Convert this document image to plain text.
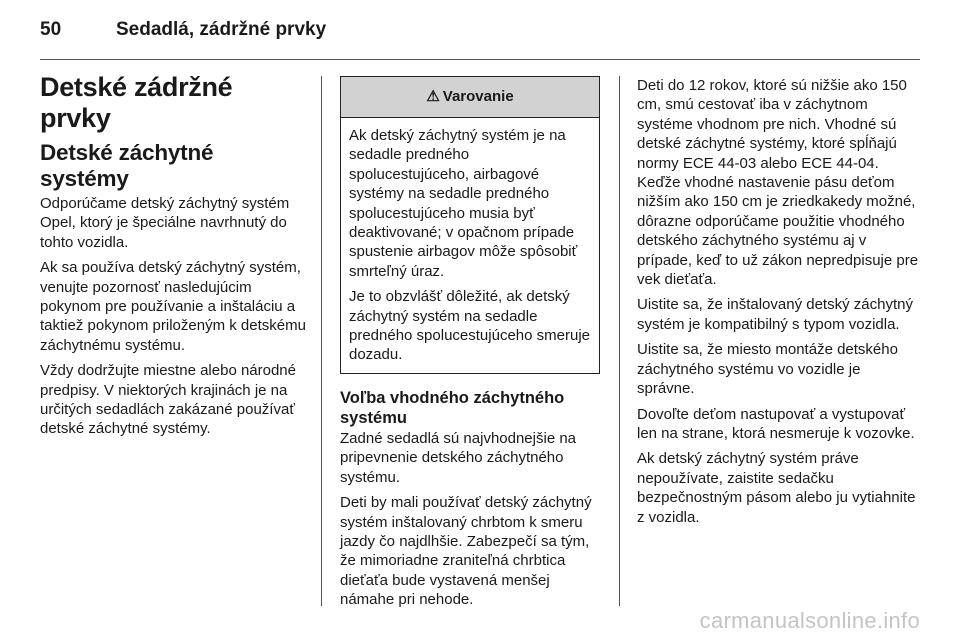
50	Sedadlá, zádržné prvky
Detské zádržné prvky
Detské záchytné systémy

Odporúčame detský záchytný systém Opel, ktorý je špeciálne navrhnutý do tohto vozidla.

Ak sa používa detský záchytný systém, venujte pozornosť nasledujúcim pokynom pre používanie a inštaláciu a taktiež pokynom priloženým k detskému záchytnému systému.

Vždy dodržujte miestne alebo národné predpisy. V niektorých krajinách je na určitých sedadlách zakázané používať detské záchytné systémy.

⚠ Varovanie

Ak detský záchytný systém je na sedadle predného spolucestujúceho, airbagové systémy na sedadle predného spolucestujúceho musia byť deaktivované; v opačnom prípade spustenie airbagov môže spôsobiť smrteľný úraz.

Je to obzvlášť dôležité, ak detský záchytný systém na sedadle predného spolucestujúceho smeruje dozadu.

Voľba vhodného záchytného systému

Zadné sedadlá sú najvhodnejšie na pripevnenie detského záchytného systému.

Deti by mali používať detský záchytný systém inštalovaný chrbtom k smeru jazdy čo najdlhšie. Zabezpečí sa tým, že mimoriadne zraniteľná chrbtica dieťaťa bude vystavená menšej námahe pri nehode.

Deti do 12 rokov, ktoré sú nižšie ako 150 cm, smú cestovať iba v záchytnom systéme vhodnom pre nich. Vhodné sú detské záchytné systémy, ktoré spĺňajú normy ECE 44-03 alebo ECE 44-04. Keďže vhodné nastavenie pásu deťom nižším ako 150 cm je zriedkakedy možné, dôrazne odporúčame použitie vhodného detského záchytného systému aj v prípade, keď to už zákon nepredpisuje pre vek dieťaťa.

Uistite sa, že inštalovaný detský záchytný systém je kompatibilný s typom vozidla.

Uistite sa, že miesto montáže detského záchytného systému vo vozidle je správne.

Dovoľte deťom nastupovať a vystupovať len na strane, ktorá nesmeruje k vozovke.

Ak detský záchytný systém práve nepoužívate, zaistite sedačku bezpečnostným pásom alebo ju vytiahnite z vozidla.

carmanualsonline.info
